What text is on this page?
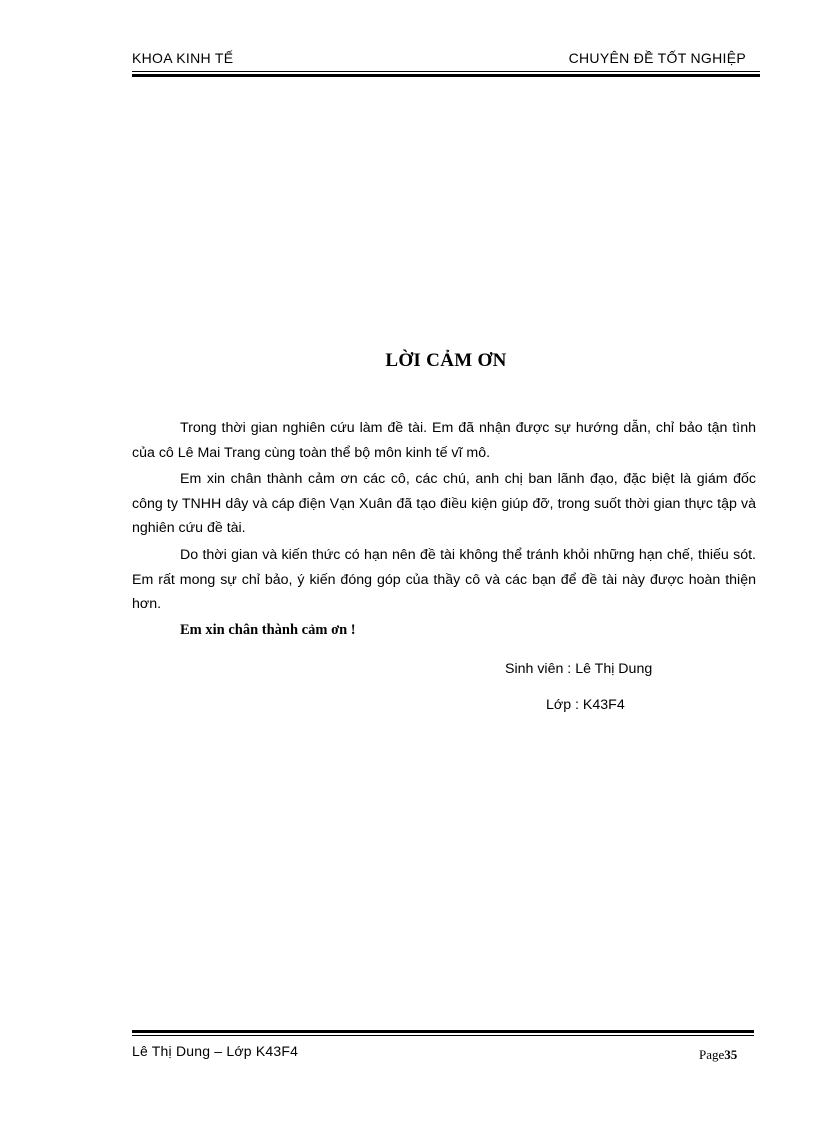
KHOA KINH TẾ	CHUYÊN ĐỀ TỐT NGHIỆP
LỜI CẢM ƠN
Trong thời gian nghiên cứu làm đề tài. Em đã nhận được sự hướng dẫn, chỉ bảo tận tình của cô Lê Mai Trang cùng toàn thể bộ môn kinh tế vĩ mô.
Em xin chân thành cảm ơn các cô, các chú, anh chị ban lãnh đạo, đặc biệt là giám đốc công ty TNHH dây và cáp điện Vạn Xuân đã tạo điều kiện giúp đỡ, trong suốt thời gian thực tập và nghiên cứu đề tài.
Do thời gian và kiến thức có hạn nên đề tài không thể tránh khỏi những hạn chế, thiếu sót. Em rất mong sự chỉ bảo, ý kiến đóng góp của thầy cô và các bạn để đề tài này được hoàn thiện hơn.
Em xin chân thành cảm ơn !
Sinh viên : Lê Thị Dung
Lớp : K43F4
Lê Thị Dung – Lớp K43F4	Page35
